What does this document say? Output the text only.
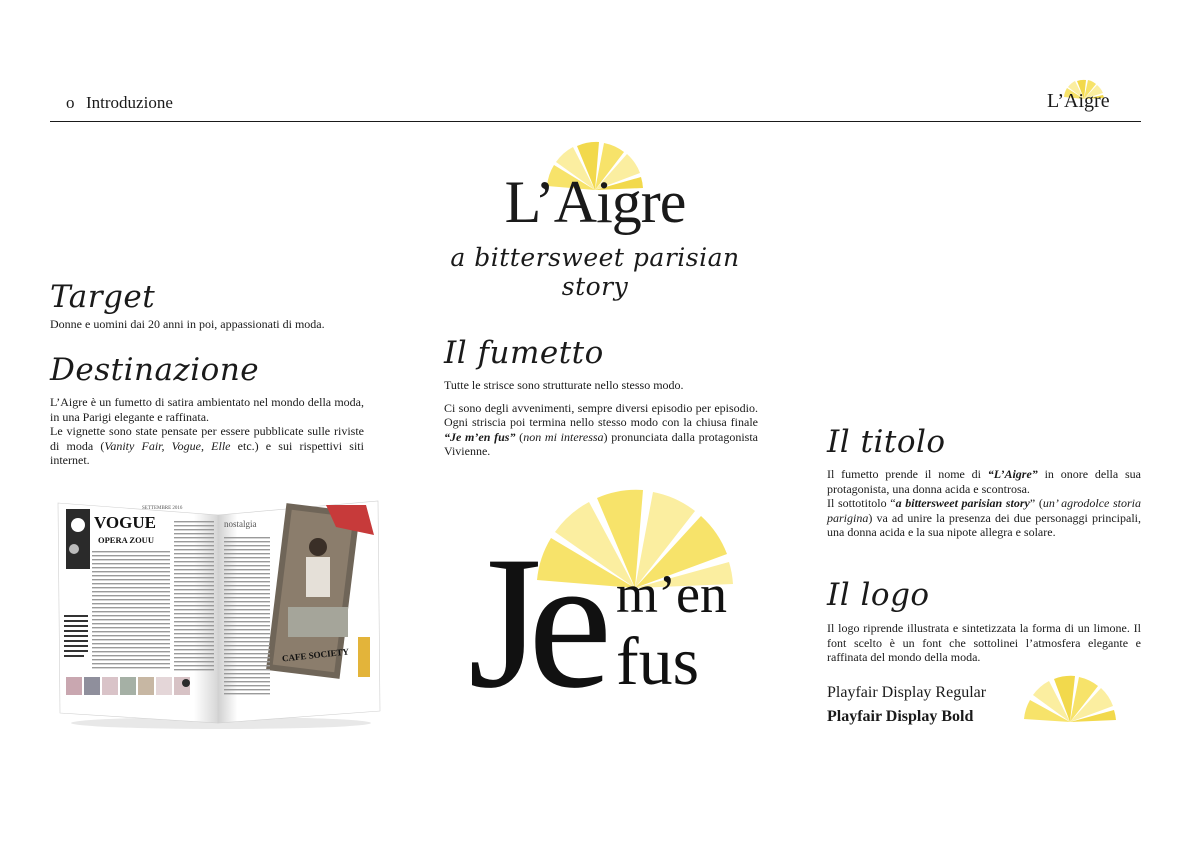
o Introduzione	L’Aigre
L’Aigre
a bittersweet parisian story
Target
Donne e uomini dai 20 anni in poi, appassionati di moda.
Destinazione

L’Aigre è un fumetto di satira ambientato nel mondo della moda, in una Parigi elegante e raffinata.

Le vignette sono state pensate per essere pubblicate sulle riviste di moda (Vanity Fair, Vogue, Elle etc.) e sui rispettivi siti internet.

VOGUE
SETTEMBRE 2016
OPERA ZOUU
nostalgia
CAFE SOCIETY
Il fumetto

Tutte le strisce sono strutturate nello stesso modo.

Ci sono degli avvenimenti, sempre diversi episodio per episodio. Ogni striscia poi termina nello stesso modo con la chiusa finale “Je m’en fus” (non mi interessa) pronunciata dalla protagonista Vivienne.

Je m’en
fus
Il titolo

Il fumetto prende il nome di “L’Aigre” in onore della sua protagonista, una donna acida e scontrosa.

Il sottotitolo “a bittersweet parisian story” (un’ agrodolce storia parigina) va ad unire la presenza dei due personaggi principali, una donna acida e la sua nipote allegra e solare.

Il logo
Il logo riprende illustrata e sintetizzata la forma di un limone. Il font scelto è un font che sottolinei l’atmosfera elegante e raffinata del mondo della moda.
Playfair Display Regular
Playfair Display Bold
